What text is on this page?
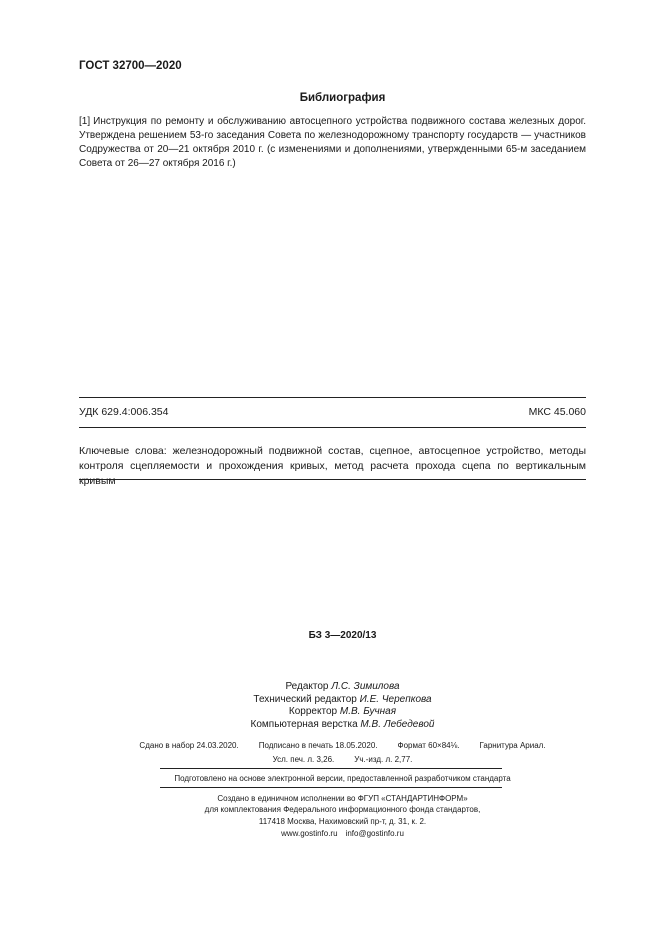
ГОСТ 32700—2020
Библиография
[1] Инструкция по ремонту и обслуживанию автосцепного устройства подвижного состава железных дорог. Утверждена решением 53-го заседания Совета по железнодорожному транспорту государств — участников Содружества от 20—21 октября 2010 г. (с изменениями и дополнениями, утвержденными 65-м заседанием Совета от 26—27 октября 2016 г.)
УДК 629.4:006.354	МКС 45.060
Ключевые слова: железнодорожный подвижной состав, сцепное, автосцепное устройство, методы контроля сцепляемости и прохождения кривых, метод расчета прохода сцепа по вертикальным кривым
БЗ 3—2020/13
Редактор Л.С. Зимилова
Технический редактор И.Е. Черепкова
Корректор М.В. Бучная
Компьютерная верстка М.В. Лебедевой
Сдано в набор 24.03.2020.	Подписано в печать 18.05.2020.	Формат 60×84⅛.	Гарнитура Ариал.
Усл. печ. л. 3,26.	Уч.-изд. л. 2,77.
Подготовлено на основе электронной версии, предоставленной разработчиком стандарта
Создано в единичном исполнении во ФГУП «СТАНДАРТИНФОРМ»
для комплектования Федерального информационного фонда стандартов,
117418 Москва, Нахимовский пр-т, д. 31, к. 2.
www.gostinfo.ru info@gostinfo.ru
